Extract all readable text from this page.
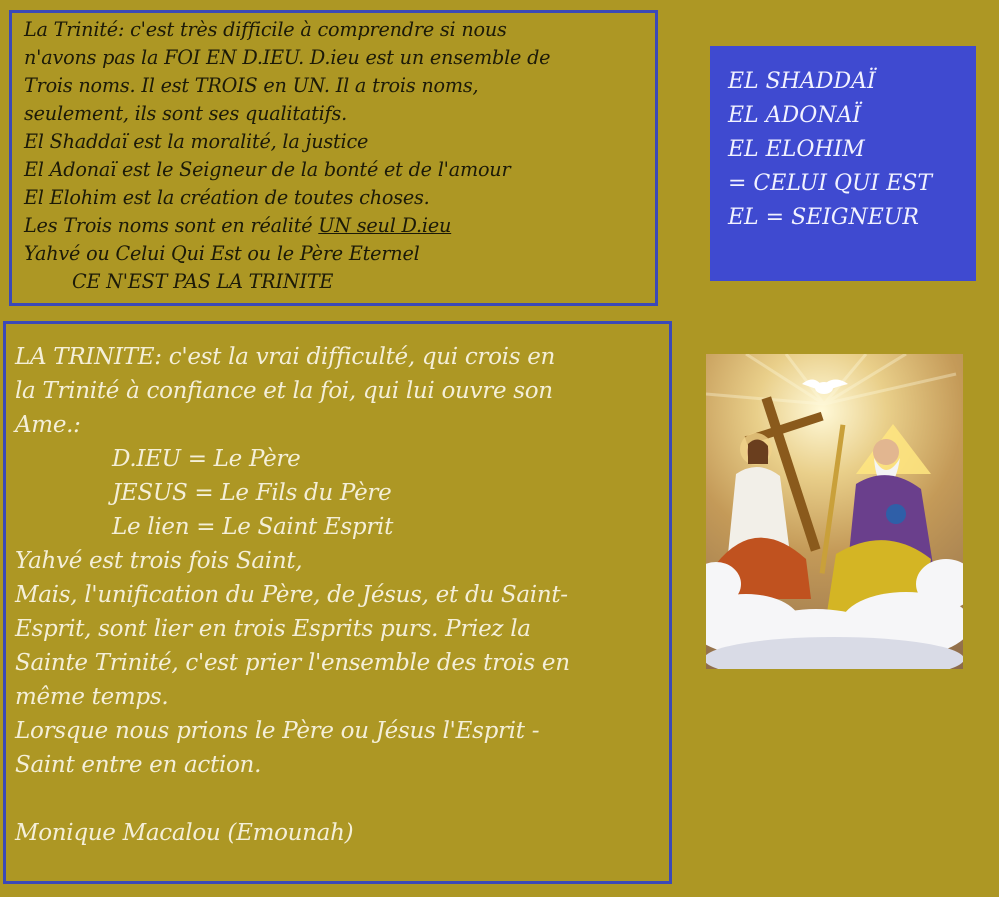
La Trinité: c'est très difficile à comprendre si nous
n'avons pas la FOI EN D.IEU. D.ieu est un ensemble de
Trois noms. Il est TROIS en UN. Il a trois noms,
seulement, ils sont ses qualitatifs.
El Shaddaï est la moralité, la justice
El Adonaï est le Seigneur de la bonté et de l'amour
El Elohim est la création de toutes choses.
Les Trois noms sont en réalité UN seul D.ieu
Yahvé ou Celui Qui Est ou le Père Eternel
CE N'EST PAS LA TRINITE
EL SHADDAÏ
EL ADONAÏ
EL ELOHIM
= CELUI QUI EST
EL = SEIGNEUR
LA TRINITE: c'est la vrai difficulté, qui crois en
la Trinité à confiance et la foi, qui lui ouvre son
Ame.:
D.IEU = Le Père
JESUS = Le Fils du Père
Le lien = Le Saint Esprit
Yahvé est trois fois Saint,
Mais, l'unification du Père, de Jésus, et du Saint-
Esprit, sont lier en trois Esprits purs. Priez la
Sainte Trinité, c'est prier l'ensemble des trois en
même temps.
Lorsque nous prions le Père ou Jésus l'Esprit -
Saint entre en action.
Monique Macalou (Emounah)
